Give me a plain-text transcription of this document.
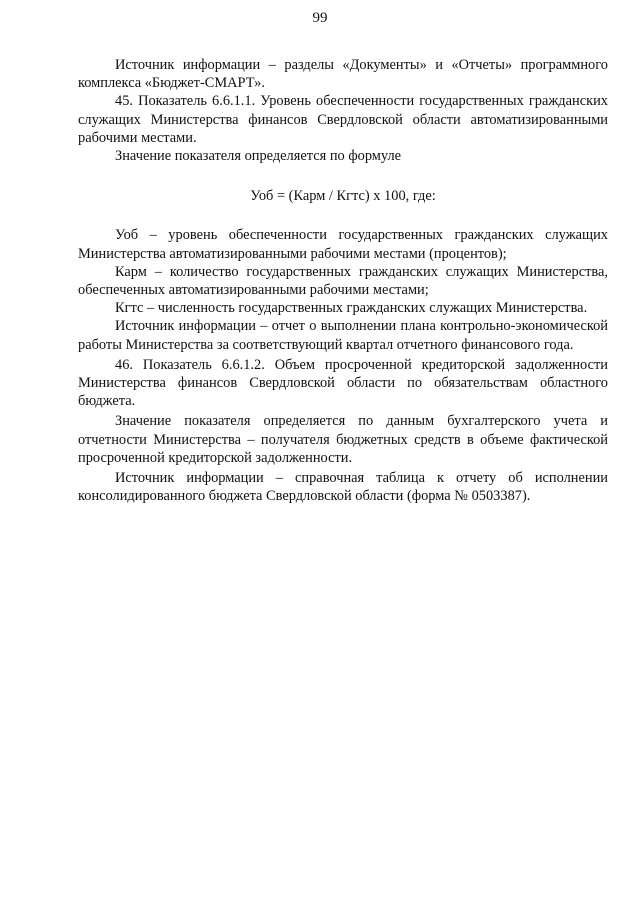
99

Источник информации – разделы «Документы» и «Отчеты» программного комплекса «Бюджет-СМАРТ».

45. Показатель 6.6.1.1. Уровень обеспеченности государственных гражданских служащих Министерства финансов Свердловской области автоматизированными рабочими местами.

Значение показателя определяется по формуле

Уоб = (Карм / Кгтс) х 100, где:

Уоб – уровень обеспеченности государственных гражданских служащих Министерства автоматизированными рабочими местами (процентов);

Карм – количество государственных гражданских служащих Министерства, обеспеченных автоматизированными рабочими местами;

Кгтс – численность государственных гражданских служащих Министерства.

Источник информации – отчет о выполнении плана контрольно-экономической работы Министерства за соответствующий квартал отчетного финансового года.

46. Показатель 6.6.1.2. Объем просроченной кредиторской задолженности Министерства финансов Свердловской области по обязательствам областного бюджета.

Значение показателя определяется по данным бухгалтерского учета и отчетности Министерства – получателя бюджетных средств в объеме фактической просроченной кредиторской задолженности.

Источник информации – справочная таблица к отчету об исполнении консолидированного бюджета Свердловской области (форма № 0503387).
